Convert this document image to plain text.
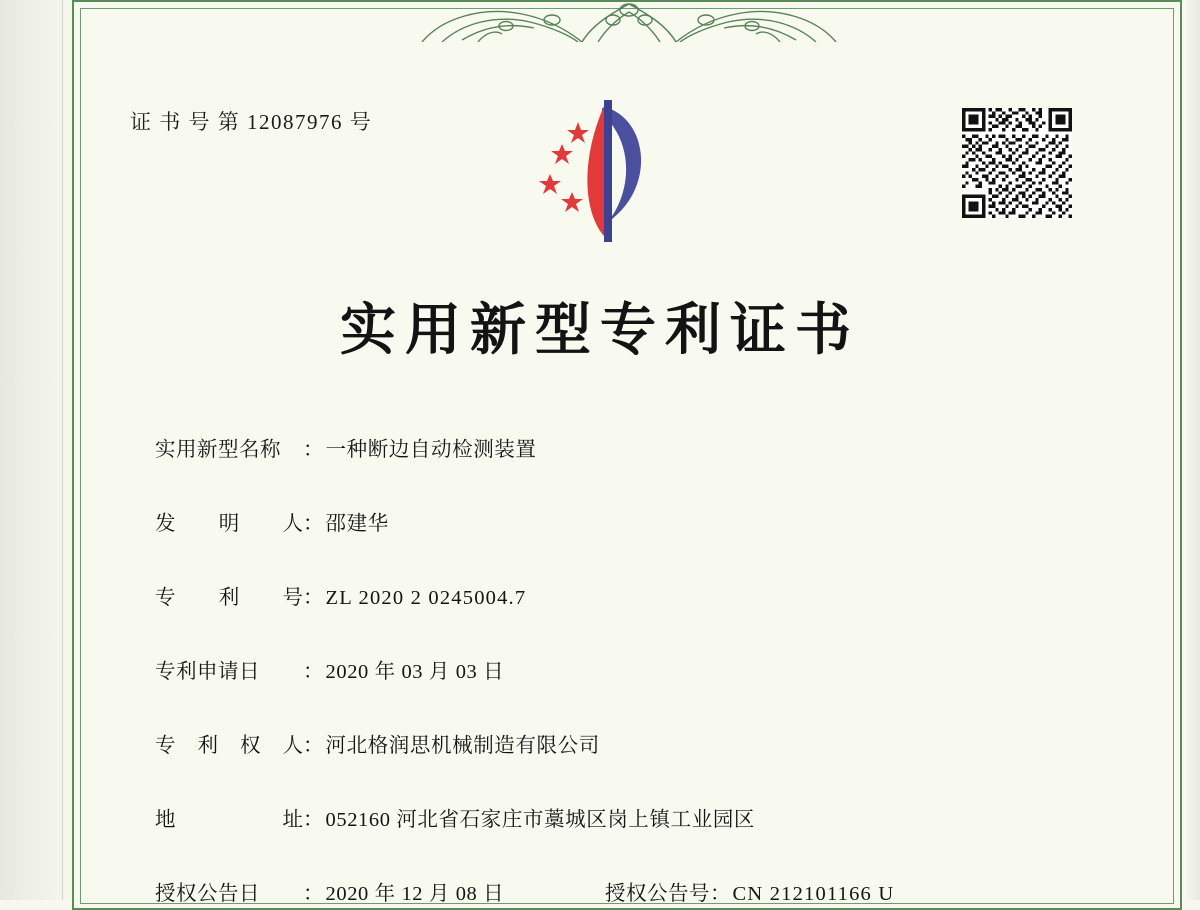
证 书 号 第 12087976 号
实用新型专利证书
实用新型名称	： 一种断边自动检测装置
发 明 人 ： 邵建华
专 利 号 ： ZL 2020 2 0245004.7
专利申请日	： 2020 年 03 月 03 日
专 利 权 人 ： 河北格润思机械制造有限公司
地	址 ： 052160 河北省石家庄市藁城区岗上镇工业园区
授权公告日	： 2020 年 12 月 08 日	授权公告号 ： CN 212101166 U
